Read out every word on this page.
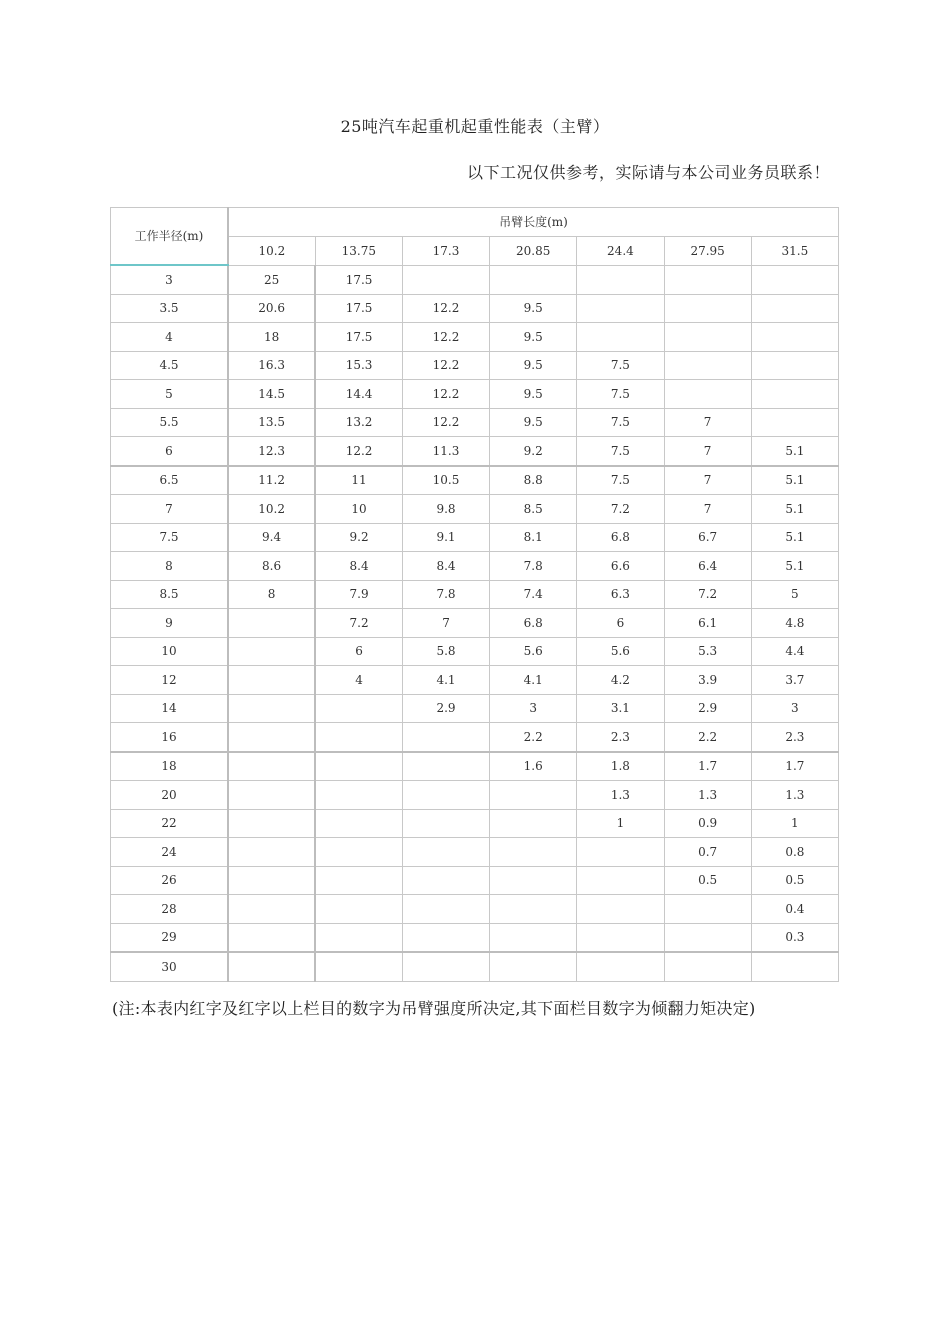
25吨汽车起重机起重性能表（主臂）
以下工况仅供参考，实际请与本公司业务员联系！
工作半径(m)	吊臂长度(m)						
	10.2	13.75	17.3	20.85	24.4	27.95	31.5
3	25	17.5					
3.5	20.6	17.5	12.2	9.5			
4	18	17.5	12.2	9.5			
4.5	16.3	15.3	12.2	9.5	7.5		
5	14.5	14.4	12.2	9.5	7.5		
5.5	13.5	13.2	12.2	9.5	7.5	7	
6	12.3	12.2	11.3	9.2	7.5	7	5.1
6.5	11.2	11	10.5	8.8	7.5	7	5.1
7	10.2	10	9.8	8.5	7.2	7	5.1
7.5	9.4	9.2	9.1	8.1	6.8	6.7	5.1
8	8.6	8.4	8.4	7.8	6.6	6.4	5.1
8.5	8	7.9	7.8	7.4	6.3	7.2	5
9		7.2	7	6.8	6	6.1	4.8
10		6	5.8	5.6	5.6	5.3	4.4
12		4	4.1	4.1	4.2	3.9	3.7
14			2.9	3	3.1	2.9	3
16				2.2	2.3	2.2	2.3
18				1.6	1.8	1.7	1.7
20					1.3	1.3	1.3
22					1	0.9	1
24						0.7	0.8
26						0.5	0.5
28							0.4
29							0.3
30							
(注:本表内红字及红字以上栏目的数字为吊臂强度所决定,其下面栏目数字为倾翻力矩决定)
